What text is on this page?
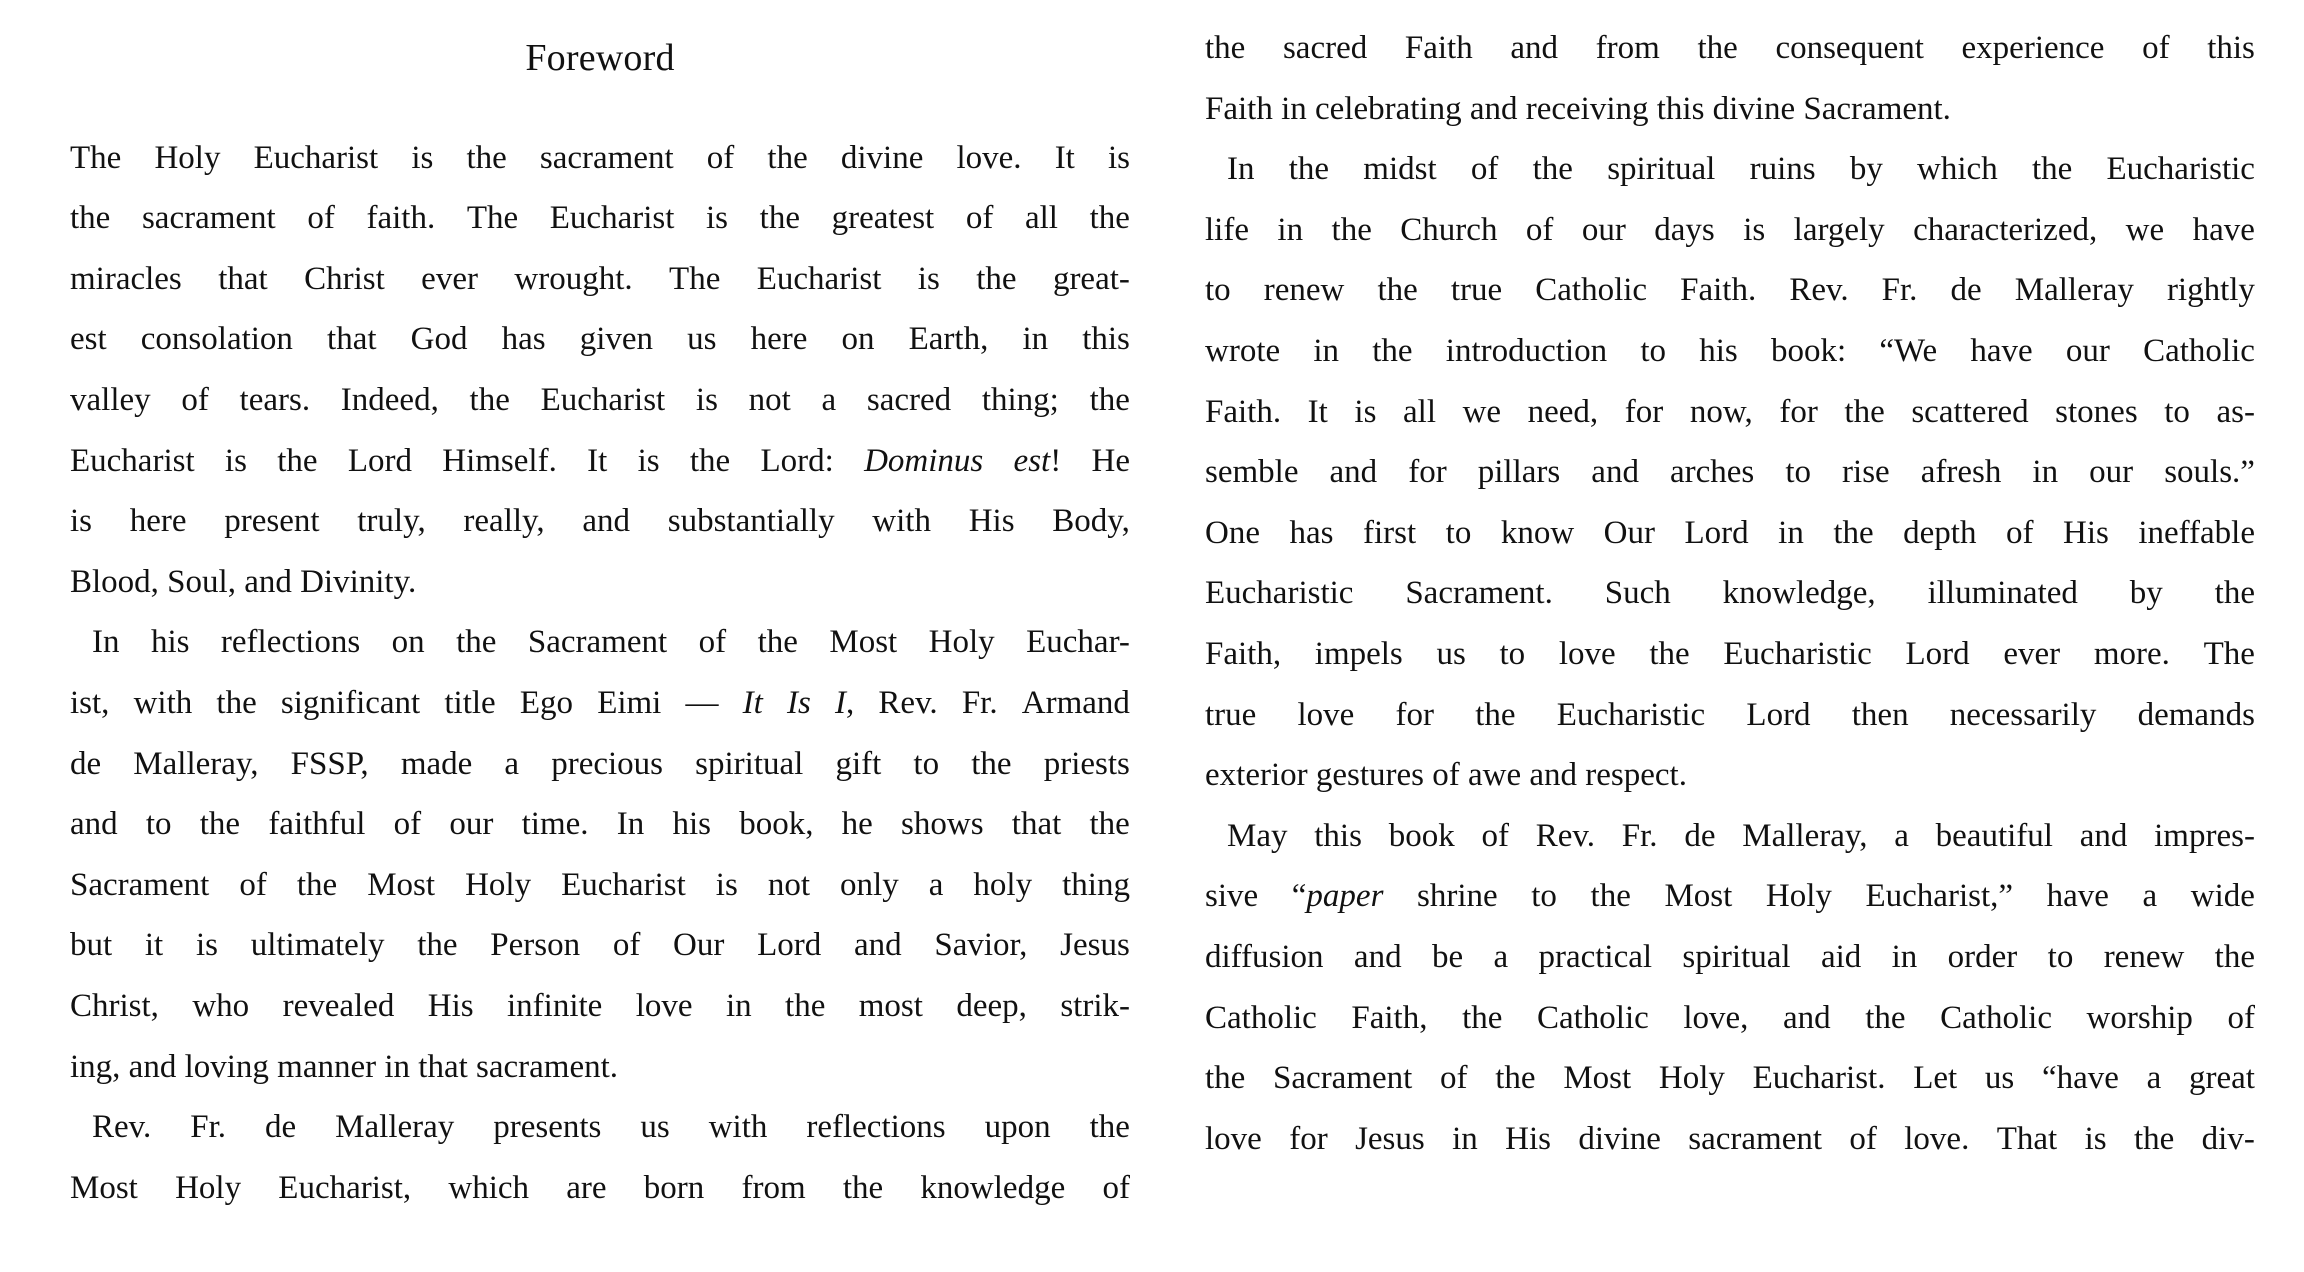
Foreword
The Holy Eucharist is the sacrament of the divine love. It is
the sacrament of faith. The Eucharist is the greatest of all the
miracles that Christ ever wrought. The Eucharist is the great-
est consolation that God has given us here on Earth, in this
valley of tears. Indeed, the Eucharist is not a sacred thing; the
Eucharist is the Lord Himself. It is the Lord: Dominus est! He
is here present truly, really, and substantially with His Body,
Blood, Soul, and Divinity.
In his reflections on the Sacrament of the Most Holy Euchar-
ist, with the significant title Ego Eimi — It Is I, Rev. Fr. Armand
de Malleray, FSSP, made a precious spiritual gift to the priests
and to the faithful of our time. In his book, he shows that the
Sacrament of the Most Holy Eucharist is not only a holy thing
but it is ultimately the Person of Our Lord and Savior, Jesus
Christ, who revealed His infinite love in the most deep, strik-
ing, and loving manner in that sacrament.
Rev. Fr. de Malleray presents us with reflections upon the
Most Holy Eucharist, which are born from the knowledge of
the sacred Faith and from the consequent experience of this
Faith in celebrating and receiving this divine Sacrament.
In the midst of the spiritual ruins by which the Eucharistic
life in the Church of our days is largely characterized, we have
to renew the true Catholic Faith. Rev. Fr. de Malleray rightly
wrote in the introduction to his book: “We have our Catholic
Faith. It is all we need, for now, for the scattered stones to as-
semble and for pillars and arches to rise afresh in our souls.”
One has first to know Our Lord in the depth of His ineffable
Eucharistic Sacrament. Such knowledge, illuminated by the
Faith, impels us to love the Eucharistic Lord ever more. The
true love for the Eucharistic Lord then necessarily demands
exterior gestures of awe and respect.
May this book of Rev. Fr. de Malleray, a beautiful and impres-
sive “paper shrine to the Most Holy Eucharist,” have a wide
diffusion and be a practical spiritual aid in order to renew the
Catholic Faith, the Catholic love, and the Catholic worship of
the Sacrament of the Most Holy Eucharist. Let us “have a great
love for Jesus in His divine sacrament of love. That is the div-
